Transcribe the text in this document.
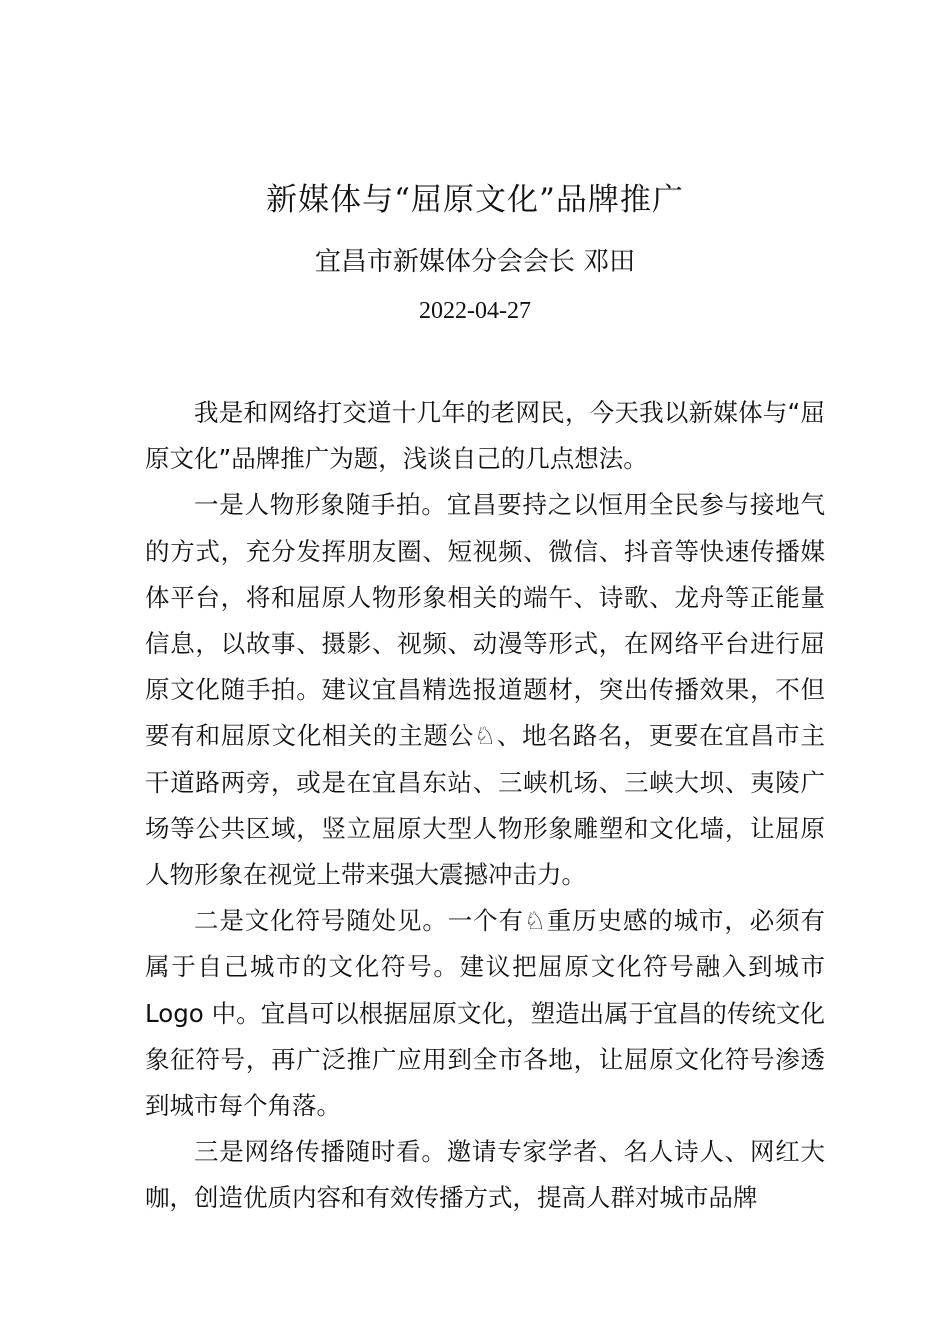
新媒体与“屈原文化”品牌推广
宜昌市新媒体分会会长 邓田
2022-04-27

我是和网络打交道十几年的老网民，今天我以新媒体与“屈原文化”品牌推广为题，浅谈自己的几点想法。

一是人物形象随手拍。宜昌要持之以恒用全民参与接地气的方式，充分发挥朋友圈、短视频、微信、抖音等快速传播媒体平台，将和屈原人物形象相关的端午、诗歌、龙舟等正能量信息，以故事、摄影、视频、动漫等形式，在网络平台进行屈原文化随手拍。建议宜昌精选报道题材，突出传播效果，不但要有和屈原文化相关的主题公♘、地名路名，更要在宜昌市主干道路两旁，或是在宜昌东站、三峡机场、三峡大坝、夷陵广场等公共区域，竖立屈原大型人物形象雕塑和文化墙，让屈原人物形象在视觉上带来强大震撼冲击力。

二是文化符号随处见。一个有♘重历史感的城市，必须有属于自己城市的文化符号。建议把屈原文化符号融入到城市 Logo 中。宜昌可以根据屈原文化，塑造出属于宜昌的传统文化象征符号，再广泛推广应用到全市各地，让屈原文化符号渗透到城市每个角落。

三是网络传播随时看。邀请专家学者、名人诗人、网红大咖，创造优质内容和有效传播方式，提高人群对城市品牌
